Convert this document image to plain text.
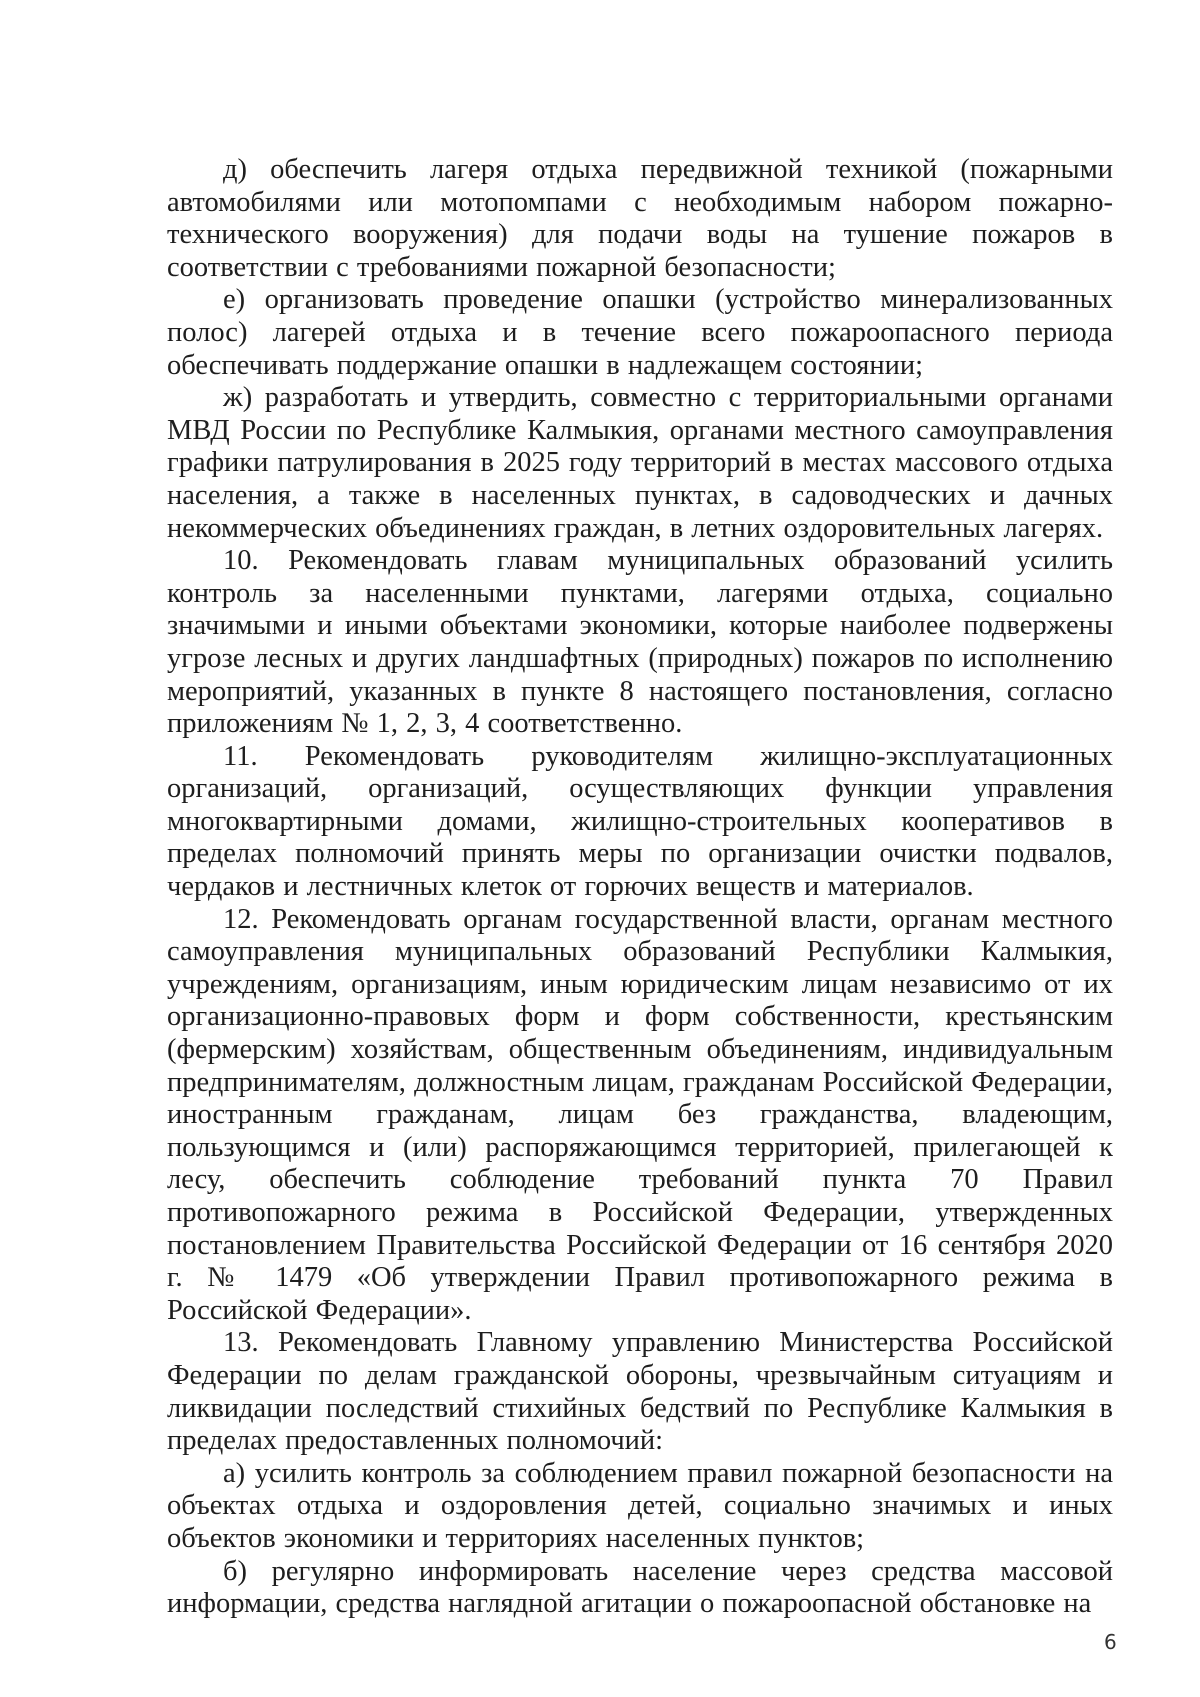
д) обеспечить лагеря отдыха передвижной техникой (пожарными автомобилями или мотопомпами с необходимым набором пожарно-технического вооружения) для подачи воды на тушение пожаров в соответствии с требованиями пожарной безопасности;

е) организовать проведение опашки (устройство минерализованных полос) лагерей отдыха и в течение всего пожароопасного периода обеспечивать поддержание опашки в надлежащем состоянии;

ж) разработать и утвердить, совместно с территориальными органами МВД России по Республике Калмыкия, органами местного самоуправления графики патрулирования в 2025 году территорий в местах массового отдыха населения, а также в населенных пунктах, в садоводческих и дачных некоммерческих объединениях граждан, в летних оздоровительных лагерях.

10. Рекомендовать главам муниципальных образований усилить контроль за населенными пунктами, лагерями отдыха, социально значимыми и иными объектами экономики, которые наиболее подвержены угрозе лесных и других ландшафтных (природных) пожаров по исполнению мероприятий, указанных в пункте 8 настоящего постановления, согласно приложениям № 1, 2, 3, 4 соответственно.

11. Рекомендовать руководителям жилищно-эксплуатационных организаций, организаций, осуществляющих функции управления многоквартирными домами, жилищно-строительных кооперативов в пределах полномочий принять меры по организации очистки подвалов, чердаков и лестничных клеток от горючих веществ и материалов.

12. Рекомендовать органам государственной власти, органам местного самоуправления муниципальных образований Республики Калмыкия, учреждениям, организациям, иным юридическим лицам независимо от их организационно-правовых форм и форм собственности, крестьянским (фермерским) хозяйствам, общественным объединениям, индивидуальным предпринимателям, должностным лицам, гражданам Российской Федерации, иностранным гражданам, лицам без гражданства, владеющим, пользующимся и (или) распоряжающимся территорией, прилегающей к лесу, обеспечить соблюдение требований пункта 70 Правил противопожарного режима в Российской Федерации, утвержденных постановлением Правительства Российской Федерации от 16 сентября 2020 г. № 1479 «Об утверждении Правил противопожарного режима в Российской Федерации».

13. Рекомендовать Главному управлению Министерства Российской Федерации по делам гражданской обороны, чрезвычайным ситуациям и ликвидации последствий стихийных бедствий по Республике Калмыкия в пределах предоставленных полномочий:

а) усилить контроль за соблюдением правил пожарной безопасности на объектах отдыха и оздоровления детей, социально значимых и иных объектов экономики и территориях населенных пунктов;

б) регулярно информировать население через средства массовой информации, средства наглядной агитации о пожароопасной обстановке на

6
